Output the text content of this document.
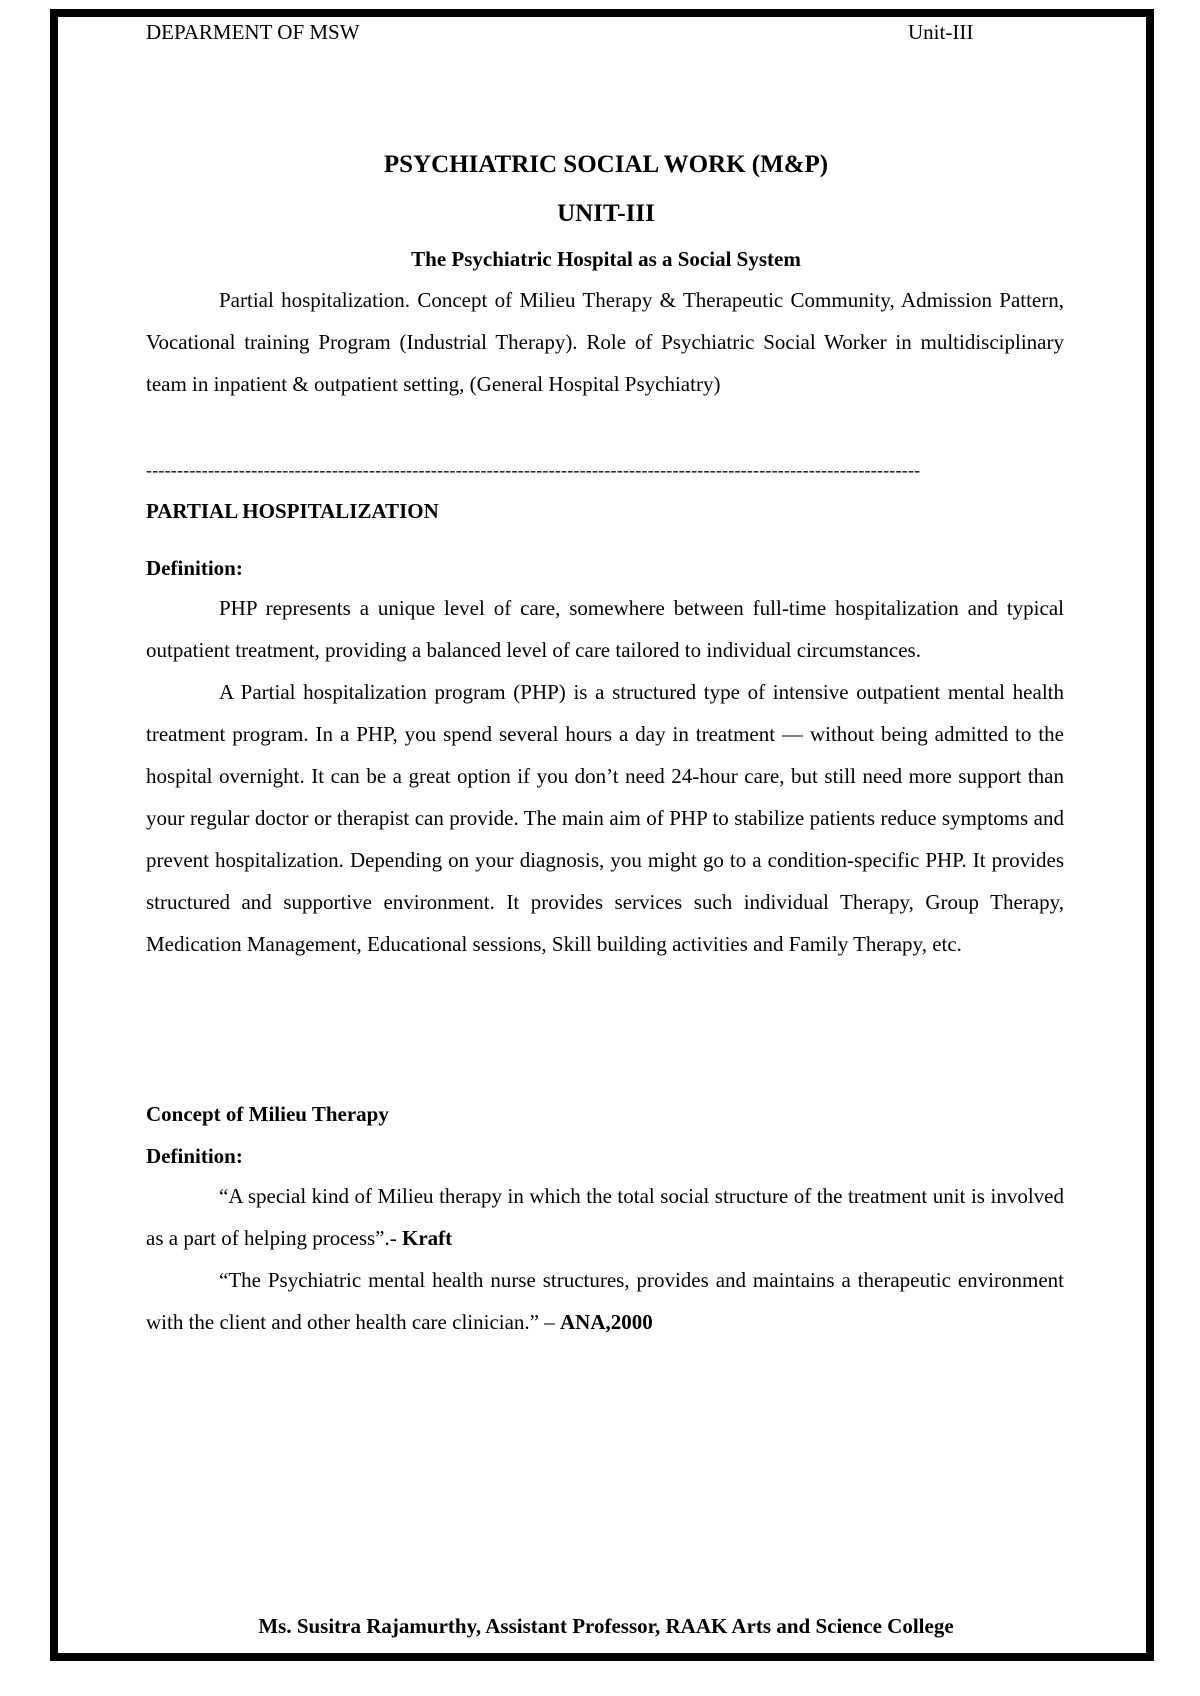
DEPARMENT OF MSW	Unit-III
PSYCHIATRIC SOCIAL WORK (M&P)
UNIT-III
The Psychiatric Hospital as a Social System

Partial hospitalization. Concept of Milieu Therapy & Therapeutic Community, Admission Pattern, Vocational training Program (Industrial Therapy). Role of Psychiatric Social Worker in multidisciplinary team in inpatient & outpatient setting, (General Hospital Psychiatry)

-----------------------------------------------------------------------------------------------------------------------------
PARTIAL HOSPITALIZATION
Definition:

PHP represents a unique level of care, somewhere between full-time hospitalization and typical outpatient treatment, providing a balanced level of care tailored to individual circumstances.

A Partial hospitalization program (PHP) is a structured type of intensive outpatient mental health treatment program. In a PHP, you spend several hours a day in treatment — without being admitted to the hospital overnight. It can be a great option if you don’t need 24-hour care, but still need more support than your regular doctor or therapist can provide. The main aim of PHP to stabilize patients reduce symptoms and prevent hospitalization. Depending on your diagnosis, you might go to a condition-specific PHP. It provides structured and supportive environment. It provides services such individual Therapy, Group Therapy, Medication Management, Educational sessions, Skill building activities and Family Therapy, etc.

Concept of Milieu Therapy
Definition:

“A special kind of Milieu therapy in which the total social structure of the treatment unit is involved as a part of helping process”.- Kraft

“The Psychiatric mental health nurse structures, provides and maintains a therapeutic environment with the client and other health care clinician.” – ANA,2000

Ms. Susitra Rajamurthy, Assistant Professor, RAAK Arts and Science College
